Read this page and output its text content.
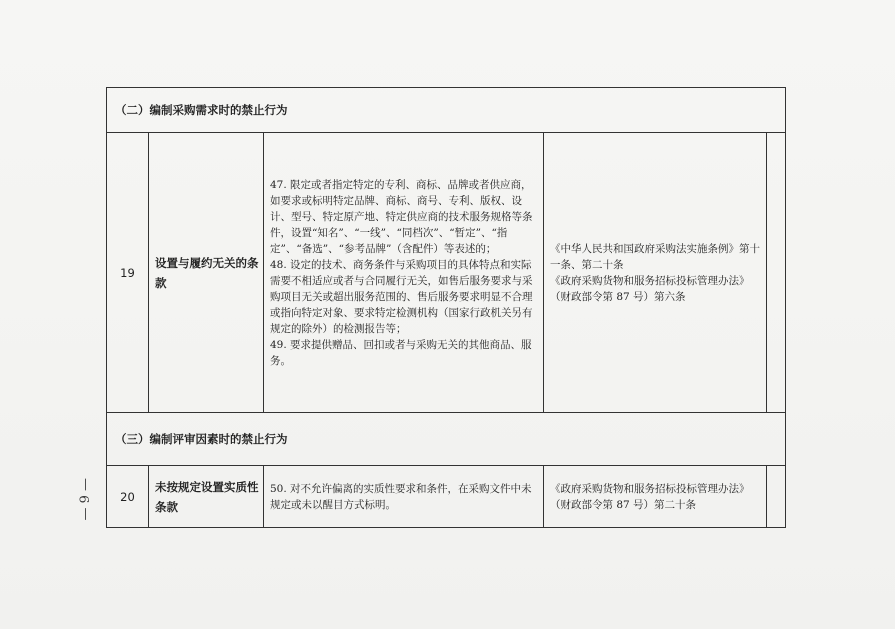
（二）编制采购需求时的禁止行为				
19	设置与履约无关的条款	47. 限定或者指定特定的专利、商标、品牌或者供应商，如要求或标明特定品牌、商标、商号、专利、版权、设计、型号、特定原产地、特定供应商的技术服务规格等条件，设置“知名”、“一线”、“同档次”、“暂定”、“指定”、“备选”、“参考品牌”（含配件）等表述的；
48. 设定的技术、商务条件与采购项目的具体特点和实际需要不相适应或者与合同履行无关，如售后服务要求与采购项目无关或超出服务范围的、售后服务要求明显不合理或指向特定对象、要求特定检测机构（国家行政机关另有规定的除外）的检测报告等；
49. 要求提供赠品、回扣或者与采购无关的其他商品、服务。	《中华人民共和国政府采购法实施条例》第十一条、第二十条
《政府采购货物和服务招标投标管理办法》（财政部令第 87 号）第六条	
（三）编制评审因素时的禁止行为				
20	未按规定设置实质性条款	50. 对不允许偏离的实质性要求和条件，在采购文件中未规定或未以醒目方式标明。	《政府采购货物和服务招标投标管理办法》（财政部令第 87 号）第二十条	
— 9 —
